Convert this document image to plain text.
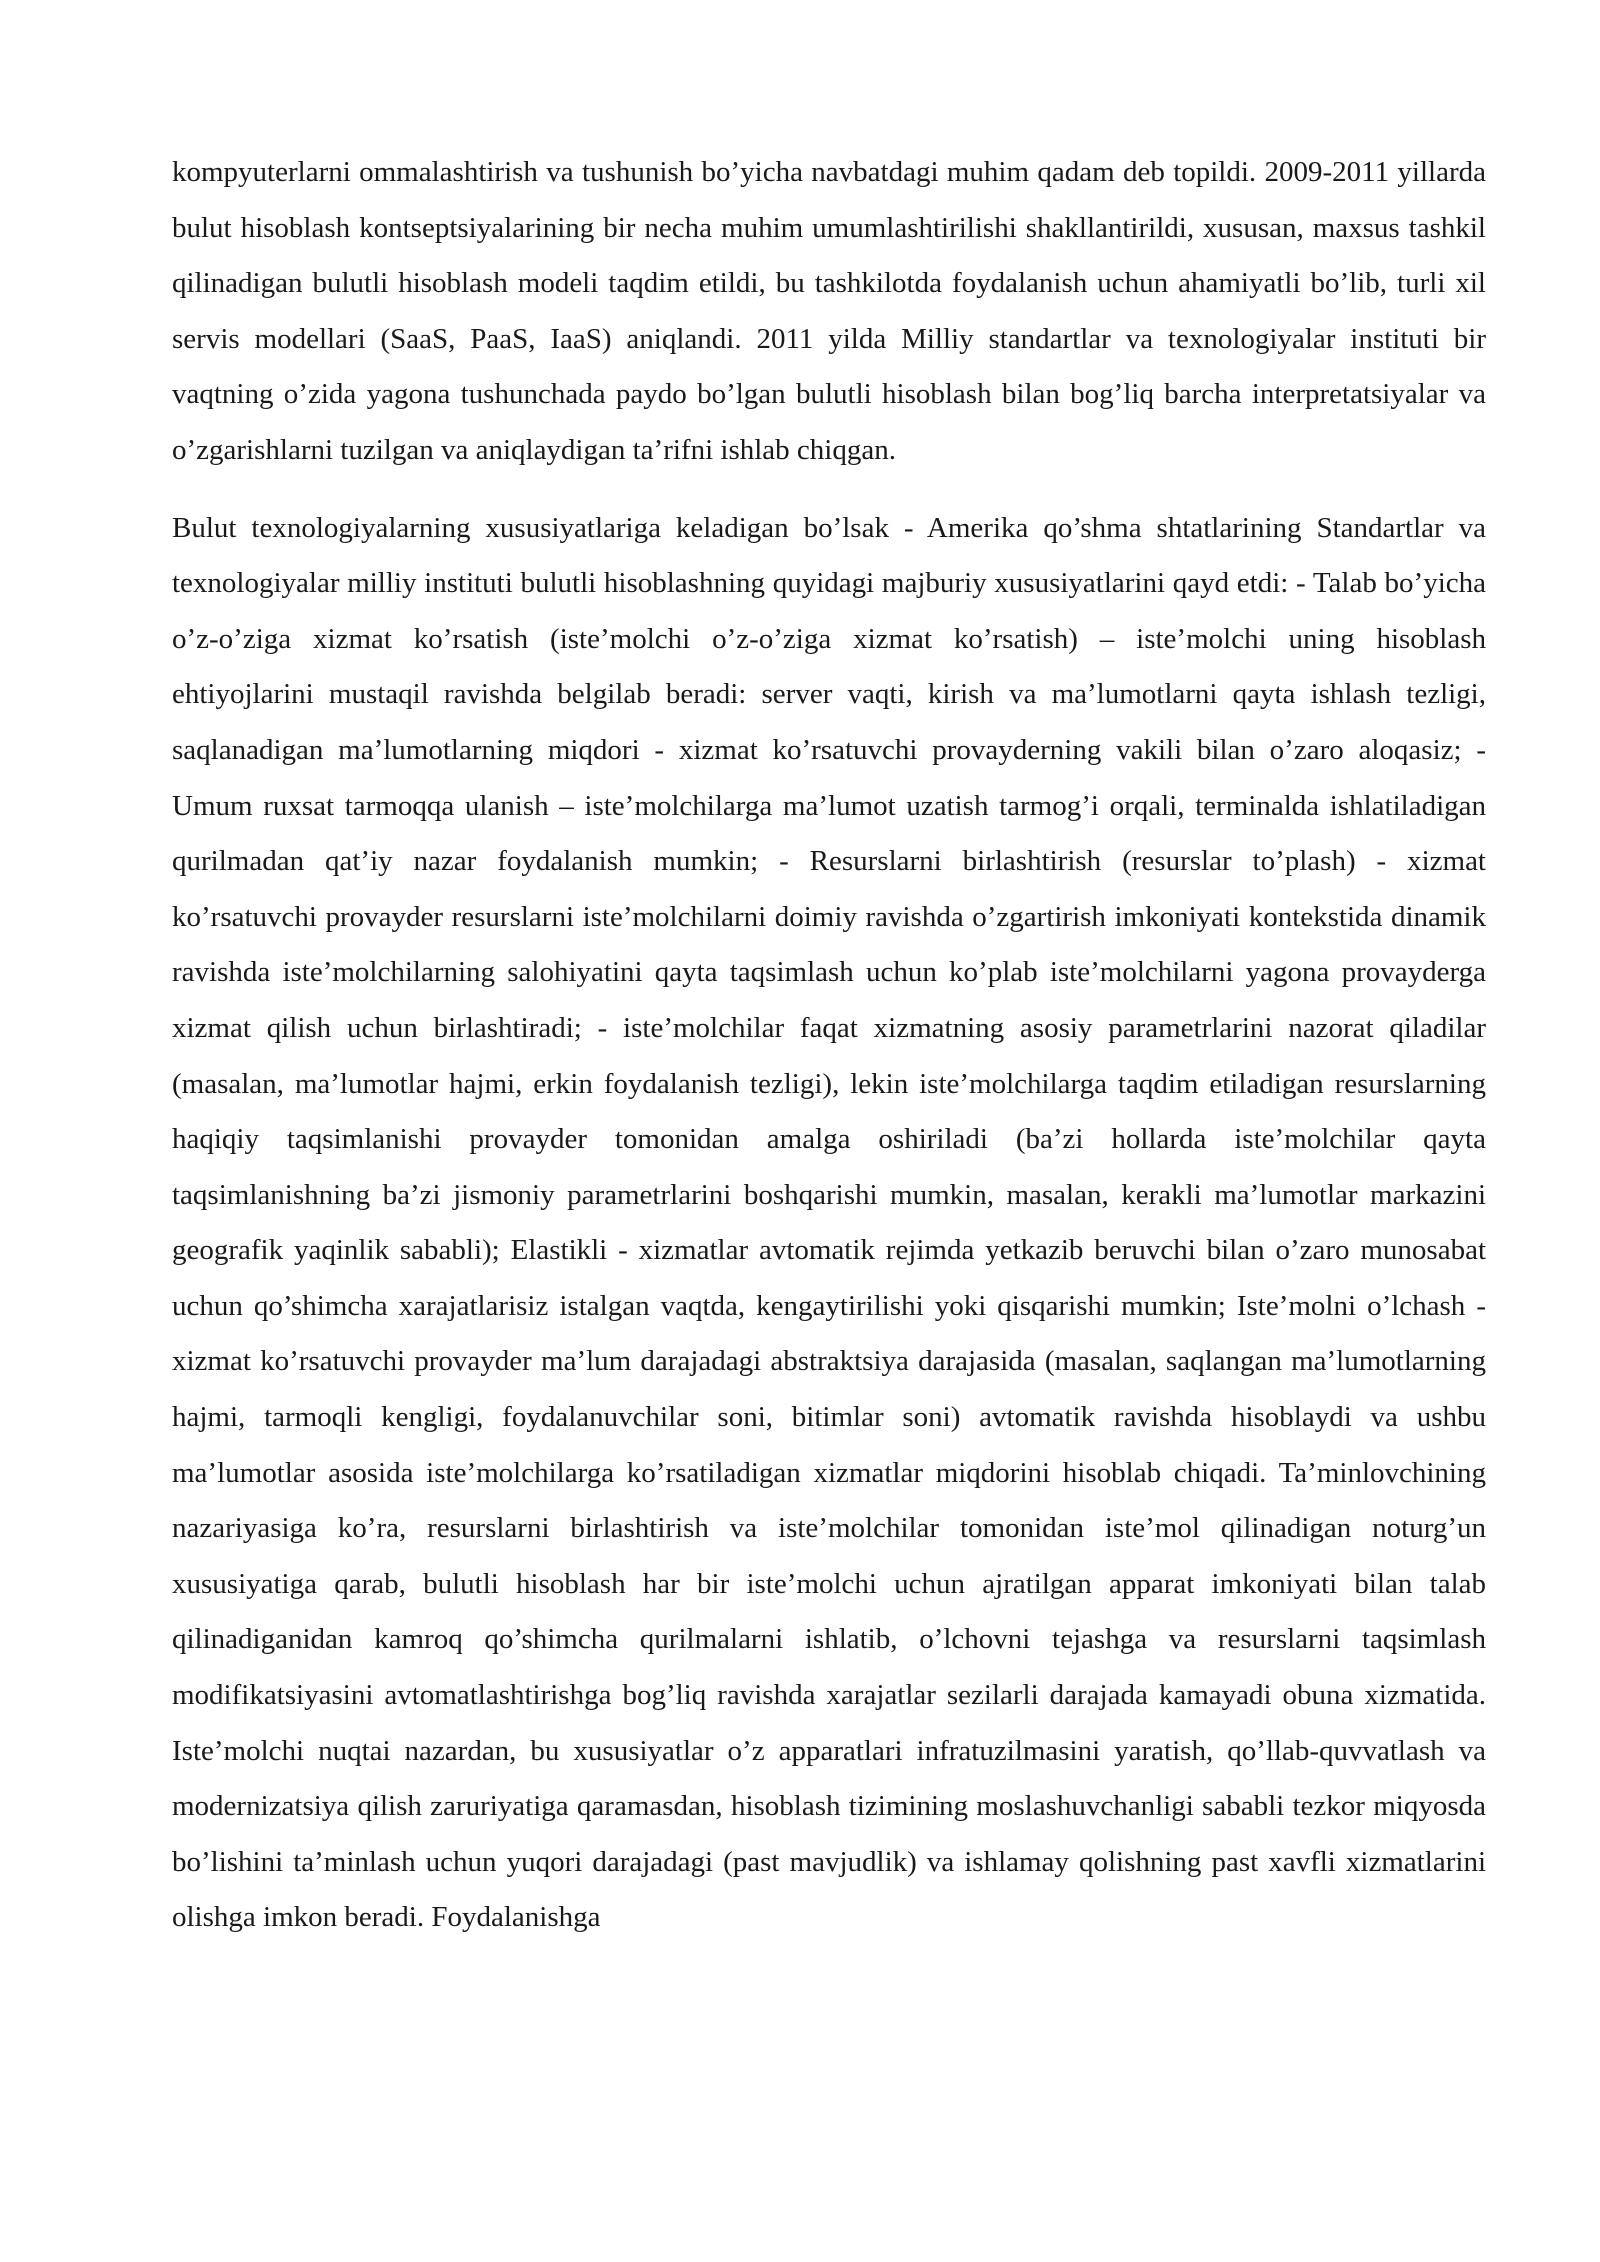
kompyuterlarni ommalashtirish va tushunish bo’yicha navbatdagi muhim qadam deb topildi. 2009-2011 yillarda bulut hisoblash kontseptsiyalarining bir necha muhim umumlashtirilishi shakllantirildi, xususan, maxsus tashkil qilinadigan bulutli hisoblash modeli taqdim etildi, bu tashkilotda foydalanish uchun ahamiyatli bo’lib, turli xil servis modellari (SaaS, PaaS, IaaS) aniqlandi. 2011 yilda Milliy standartlar va texnologiyalar instituti bir vaqtning o’zida yagona tushunchada paydo bo’lgan bulutli hisoblash bilan bog’liq barcha interpretatsiyalar va o’zgarishlarni tuzilgan va aniqlaydigan ta’rifni ishlab chiqgan.

Bulut texnologiyalarning xususiyatlariga keladigan bo’lsak - Amerika qo’shma shtatlarining Standartlar va texnologiyalar milliy instituti bulutli hisoblashning quyidagi majburiy xususiyatlarini qayd etdi: - Talab bo’yicha o’z-o’ziga xizmat ko’rsatish (iste’molchi o’z-o’ziga xizmat ko’rsatish) – iste’molchi uning hisoblash ehtiyojlarini mustaqil ravishda belgilab beradi: server vaqti, kirish va ma’lumotlarni qayta ishlash tezligi, saqlanadigan ma’lumotlarning miqdori - xizmat ko’rsatuvchi provayderning vakili bilan o’zaro aloqasiz; - Umum ruxsat tarmoqqa ulanish – iste’molchilarga ma’lumot uzatish tarmog’i orqali, terminalda ishlatiladigan qurilmadan qat’iy nazar foydalanish mumkin; - Resurslarni birlashtirish (resurslar to’plash) - xizmat ko’rsatuvchi provayder resurslarni iste’molchilarni doimiy ravishda o’zgartirish imkoniyati kontekstida dinamik ravishda iste’molchilarning salohiyatini qayta taqsimlash uchun ko’plab iste’molchilarni yagona provayderga xizmat qilish uchun birlashtiradi; - iste’molchilar faqat xizmatning asosiy parametrlarini nazorat qiladilar (masalan, ma’lumotlar hajmi, erkin foydalanish tezligi), lekin iste’molchilarga taqdim etiladigan resurslarning haqiqiy taqsimlanishi provayder tomonidan amalga oshiriladi (ba’zi hollarda iste’molchilar qayta taqsimlanishning ba’zi jismoniy parametrlarini boshqarishi mumkin, masalan, kerakli ma’lumotlar markazini geografik yaqinlik sababli); Elastikli - xizmatlar avtomatik rejimda yetkazib beruvchi bilan o’zaro munosabat uchun qo’shimcha xarajatlarisiz istalgan vaqtda, kengaytirilishi yoki qisqarishi mumkin; Iste’molni o’lchash - xizmat ko’rsatuvchi provayder ma’lum darajadagi abstraktsiya darajasida (masalan, saqlangan ma’lumotlarning hajmi, tarmoqli kengligi, foydalanuvchilar soni, bitimlar soni) avtomatik ravishda hisoblaydi va ushbu ma’lumotlar asosida iste’molchilarga ko’rsatiladigan xizmatlar miqdorini hisoblab chiqadi. Ta’minlovchining nazariyasiga ko’ra, resurslarni birlashtirish va iste’molchilar tomonidan iste’mol qilinadigan noturg’un xususiyatiga qarab, bulutli hisoblash har bir iste’molchi uchun ajratilgan apparat imkoniyati bilan talab qilinadiganidan kamroq qo’shimcha qurilmalarni ishlatib, o’lchovni tejashga va resurslarni taqsimlash modifikatsiyasini avtomatlashtirishga bog’liq ravishda xarajatlar sezilarli darajada kamayadi obuna xizmatida. Iste’molchi nuqtai nazardan, bu xususiyatlar o’z apparatlari infratuzilmasini yaratish, qo’llab-quvvatlash va modernizatsiya qilish zaruriyatiga qaramasdan, hisoblash tizimining moslashuvchanligi sababli tezkor miqyosda bo’lishini ta’minlash uchun yuqori darajadagi (past mavjudlik) va ishlamay qolishning past xavfli xizmatlarini olishga imkon beradi. Foydalanishga
